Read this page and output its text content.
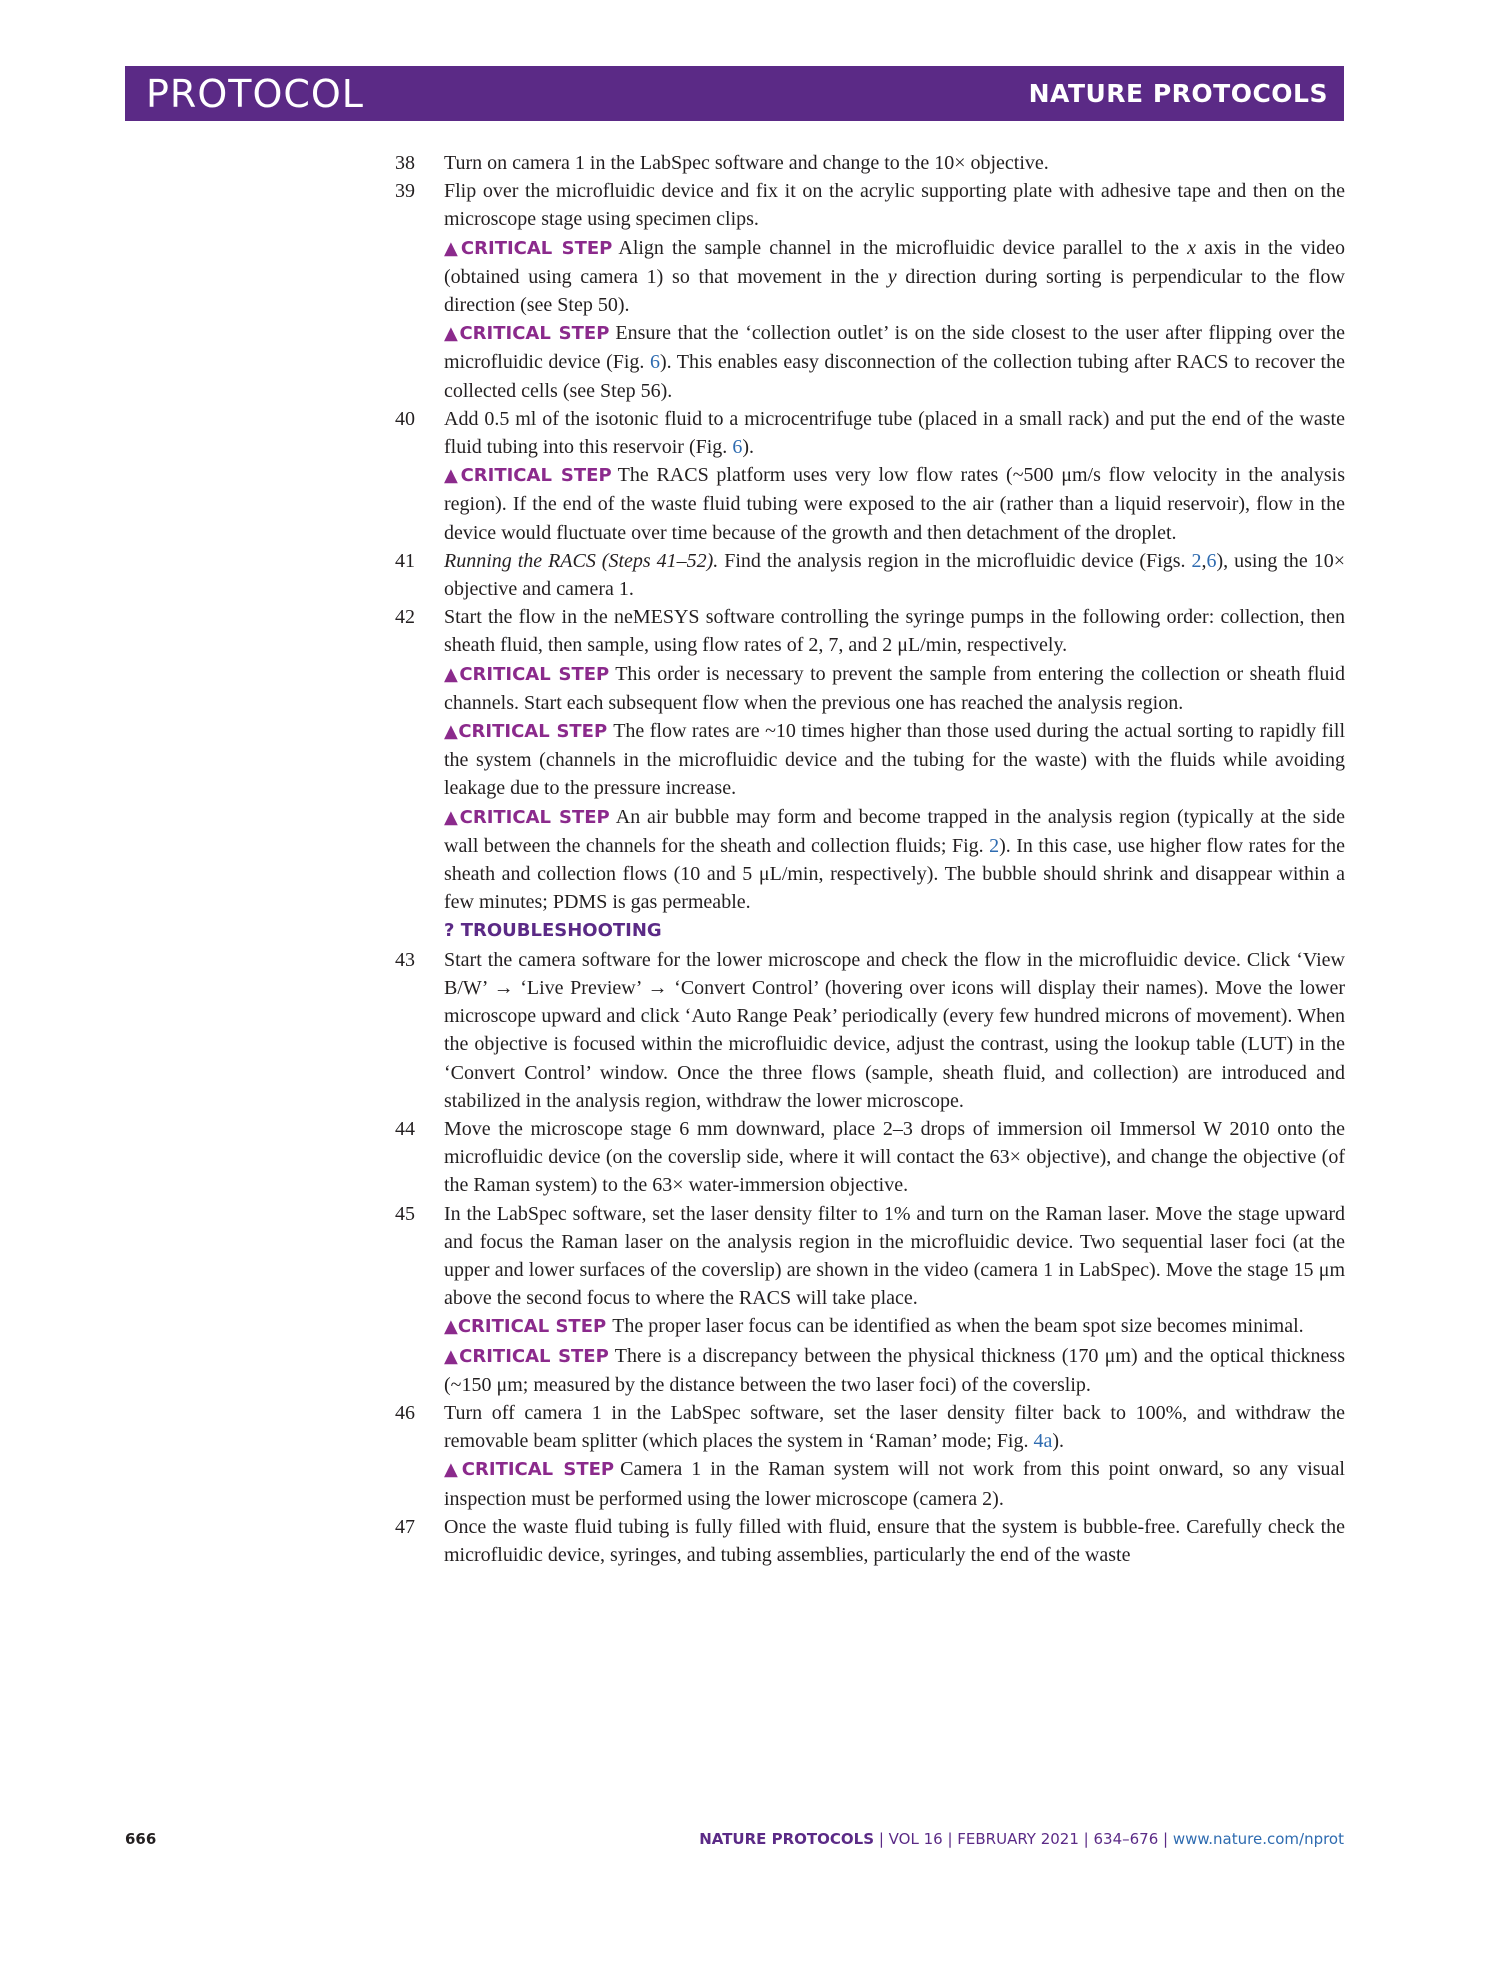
PROTOCOL	NATURE PROTOCOLS
38 Turn on camera 1 in the LabSpec software and change to the 10× objective.

39 Flip over the microfluidic device and fix it on the acrylic supporting plate with adhesive tape and then on the microscope stage using specimen clips.

▲CRITICAL STEP Align the sample channel in the microfluidic device parallel to the x axis in the video (obtained using camera 1) so that movement in the y direction during sorting is perpendicular to the flow direction (see Step 50).

▲CRITICAL STEP Ensure that the ‘collection outlet’ is on the side closest to the user after flipping over the microfluidic device (Fig. 6). This enables easy disconnection of the collection tubing after RACS to recover the collected cells (see Step 56).

40 Add 0.5 ml of the isotonic fluid to a microcentrifuge tube (placed in a small rack) and put the end of the waste fluid tubing into this reservoir (Fig. 6).

▲CRITICAL STEP The RACS platform uses very low flow rates (~500 μm/s flow velocity in the analysis region). If the end of the waste fluid tubing were exposed to the air (rather than a liquid reservoir), flow in the device would fluctuate over time because of the growth and then detachment of the droplet.

41 Running the RACS (Steps 41–52). Find the analysis region in the microfluidic device (Figs. 2,6), using the 10× objective and camera 1.

42 Start the flow in the neMESYS software controlling the syringe pumps in the following order: collection, then sheath fluid, then sample, using flow rates of 2, 7, and 2 μL/min, respectively.

▲CRITICAL STEP This order is necessary to prevent the sample from entering the collection or sheath fluid channels. Start each subsequent flow when the previous one has reached the analysis region.

▲CRITICAL STEP The flow rates are ~10 times higher than those used during the actual sorting to rapidly fill the system (channels in the microfluidic device and the tubing for the waste) with the fluids while avoiding leakage due to the pressure increase.

▲CRITICAL STEP An air bubble may form and become trapped in the analysis region (typically at the side wall between the channels for the sheath and collection fluids; Fig. 2). In this case, use higher flow rates for the sheath and collection flows (10 and 5 μL/min, respectively). The bubble should shrink and disappear within a few minutes; PDMS is gas permeable.

? TROUBLESHOOTING

43 Start the camera software for the lower microscope and check the flow in the microfluidic device. Click ‘View B/W’ → ‘Live Preview’ → ‘Convert Control’ (hovering over icons will display their names). Move the lower microscope upward and click ‘Auto Range Peak’ periodically (every few hundred microns of movement). When the objective is focused within the microfluidic device, adjust the contrast, using the lookup table (LUT) in the ‘Convert Control’ window. Once the three flows (sample, sheath fluid, and collection) are introduced and stabilized in the analysis region, withdraw the lower microscope.

44 Move the microscope stage 6 mm downward, place 2–3 drops of immersion oil Immersol W 2010 onto the microfluidic device (on the coverslip side, where it will contact the 63× objective), and change the objective (of the Raman system) to the 63× water-immersion objective.

45 In the LabSpec software, set the laser density filter to 1% and turn on the Raman laser. Move the stage upward and focus the Raman laser on the analysis region in the microfluidic device. Two sequential laser foci (at the upper and lower surfaces of the coverslip) are shown in the video (camera 1 in LabSpec). Move the stage 15 μm above the second focus to where the RACS will take place.

▲CRITICAL STEP The proper laser focus can be identified as when the beam spot size becomes minimal.

▲CRITICAL STEP There is a discrepancy between the physical thickness (170 μm) and the optical thickness (~150 μm; measured by the distance between the two laser foci) of the coverslip.

46 Turn off camera 1 in the LabSpec software, set the laser density filter back to 100%, and withdraw the removable beam splitter (which places the system in ‘Raman’ mode; Fig. 4a).

▲CRITICAL STEP Camera 1 in the Raman system will not work from this point onward, so any visual inspection must be performed using the lower microscope (camera 2).

47 Once the waste fluid tubing is fully filled with fluid, ensure that the system is bubble-free. Carefully check the microfluidic device, syringes, and tubing assemblies, particularly the end of the waste

666	NATURE PROTOCOLS | VOL 16 | FEBRUARY 2021 | 634–676 | www.nature.com/nprot
